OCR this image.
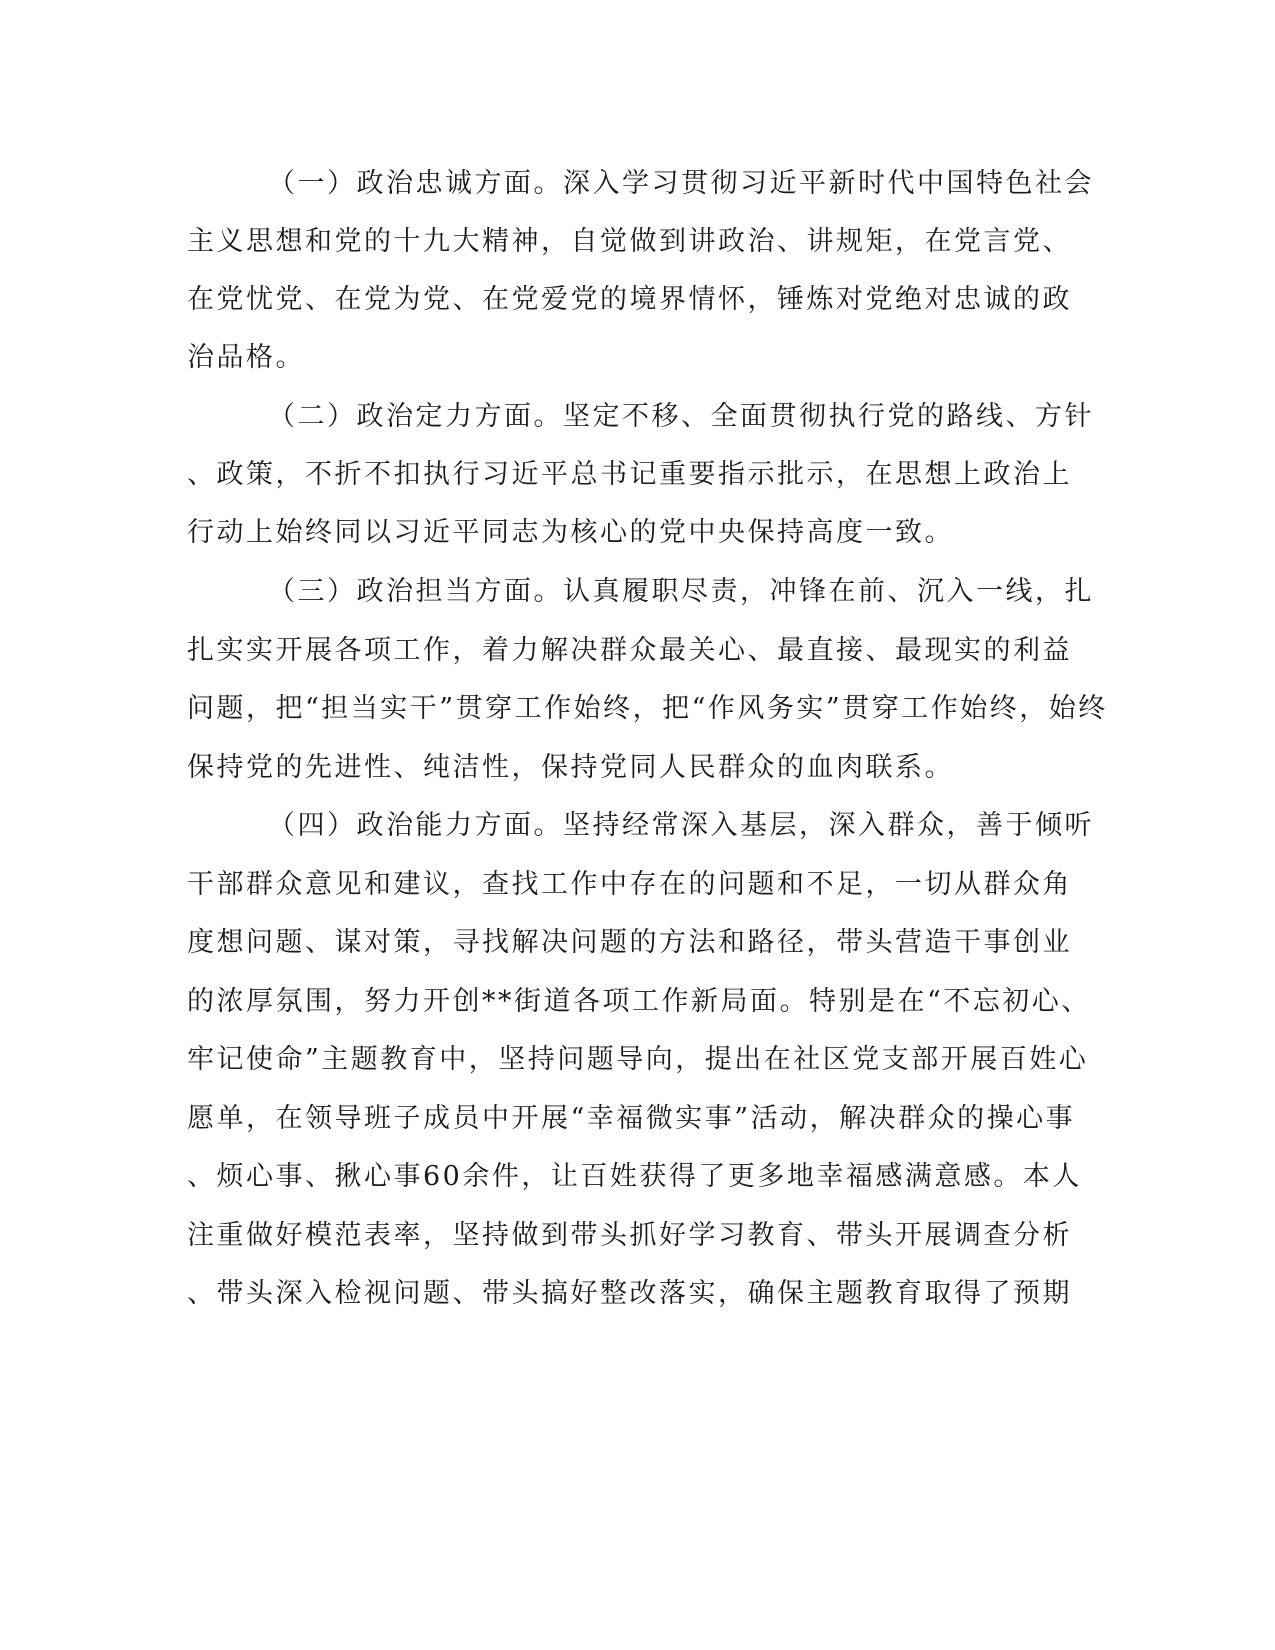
（一）政治忠诚方面。深入学习贯彻习近平新时代中国特色社会
主义思想和党的十九大精神，自觉做到讲政治、讲规矩，在党言党、
在党忧党、在党为党、在党爱党的境界情怀，锤炼对党绝对忠诚的政
治品格。
（二）政治定力方面。坚定不移、全面贯彻执行党的路线、方针
、政策，不折不扣执行习近平总书记重要指示批示，在思想上政治上
行动上始终同以习近平同志为核心的党中央保持高度一致。
（三）政治担当方面。认真履职尽责，冲锋在前、沉入一线，扎
扎实实开展各项工作，着力解决群众最关心、最直接、最现实的利益
问题，把“担当实干”贯穿工作始终，把“作风务实”贯穿工作始终，始终
保持党的先进性、纯洁性，保持党同人民群众的血肉联系。
（四）政治能力方面。坚持经常深入基层，深入群众，善于倾听
干部群众意见和建议，查找工作中存在的问题和不足，一切从群众角
度想问题、谋对策，寻找解决问题的方法和路径，带头营造干事创业
的浓厚氛围，努力开创**街道各项工作新局面。特别是在“不忘初心、
牢记使命”主题教育中，坚持问题导向，提出在社区党支部开展百姓心
愿单，在领导班子成员中开展“幸福微实事”活动，解决群众的操心事
、烦心事、揪心事60余件，让百姓获得了更多地幸福感满意感。本人
注重做好模范表率，坚持做到带头抓好学习教育、带头开展调查分析
、带头深入检视问题、带头搞好整改落实，确保主题教育取得了预期
